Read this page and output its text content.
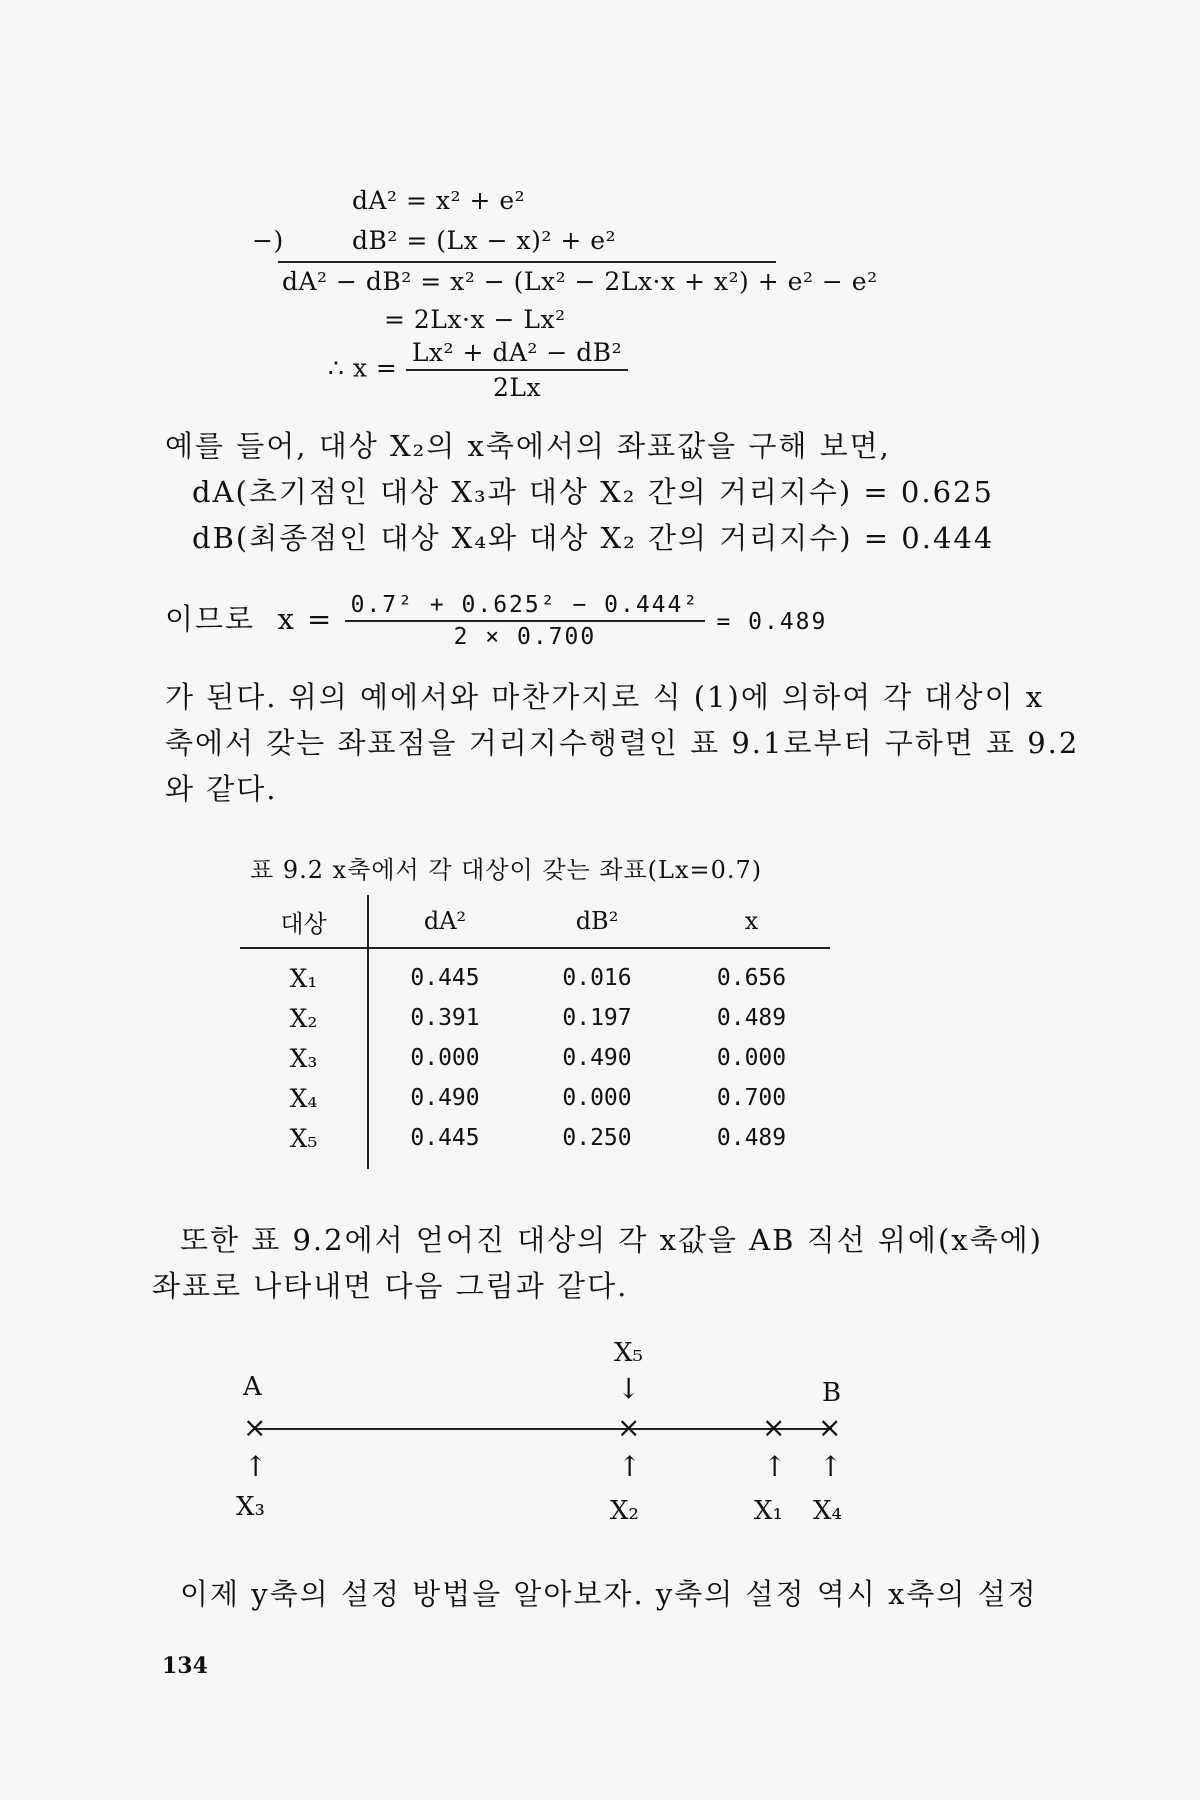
dA² = x² + e²
−)	dB² = (Lx − x)² + e²
dA² − dB² = x² − (Lx² − 2Lx·x + x²) + e² − e²
= 2Lx·x − Lx²
∴ $x = \frac{\text{Lx² + dA² − dB²}}{2Lx}$
예를 들어, 대상 X₂의 x축에서의 좌표값을 구해 보면,
dA(초기점인 대상 X₃과 대상 X₂ 간의 거리지수) = 0.625
dB(최종점인 대상 X₄와 대상 X₂ 간의 거리지수) = 0.444
이므로 $x = \frac{\text{0.7² + 0.625² − 0.444²}}{2 \times 0.700} = 0.489$
가 된다. 위의 예에서와 마찬가지로 식 (1)에 의하여 각 대상이 x
축에서 갖는 좌표점을 거리지수행렬인 표 9.1로부터 구하면 표 9.2
와 같다.
표 9.2 x축에서 각 대상이 갖는 좌표(Lx=0.7)
대상	dA²	dB²	x
X₁	0.445	0.016	0.656
X₂	0.391	0.197	0.489
X₃	0.000	0.490	0.000
X₄	0.490	0.000	0.700
X₅	0.445	0.250	0.489
또한 표 9.2에서 얻어진 대상의 각 x값을 AB 직선 위에(x축에)
좌표로 나타내면 다음 그림과 같다.
X₅
A	↓	B
×	×	× ×
↑	↑	↑ ↑
X₃	X₂	X₁ X₄
이제 y축의 설정 방법을 알아보자. y축의 설정 역시 x축의 설정
134
